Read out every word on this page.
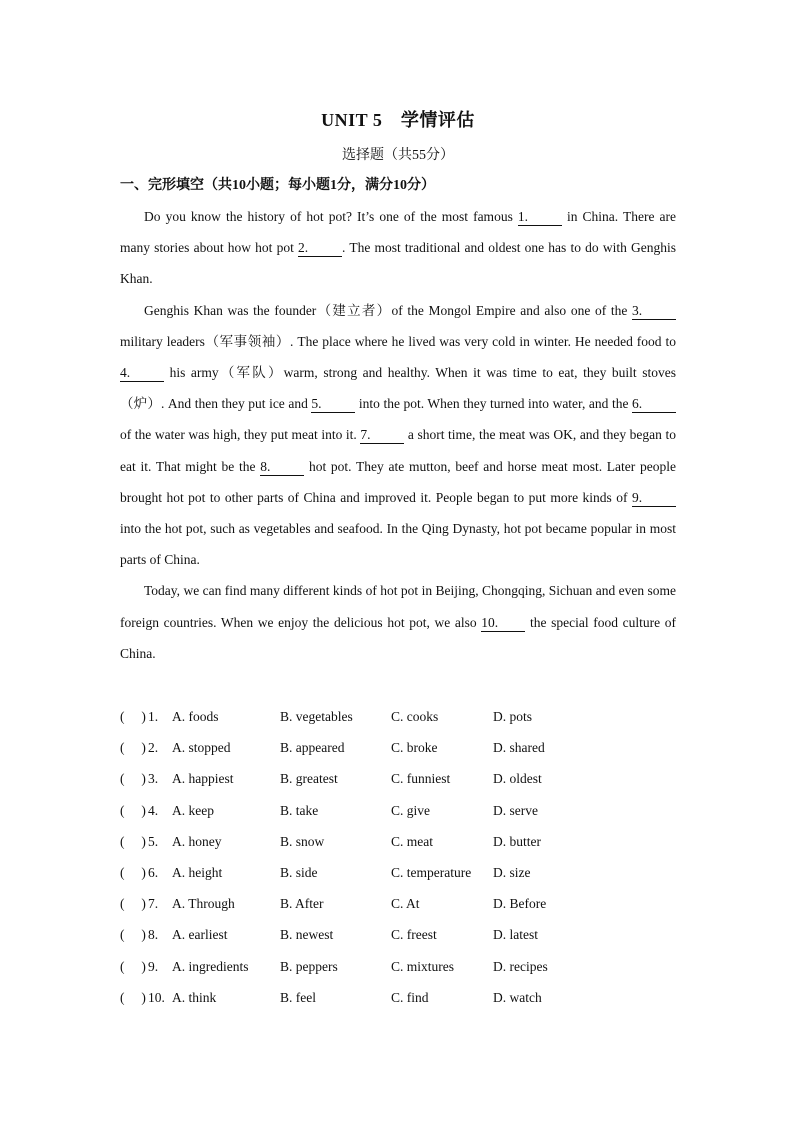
UNIT 5　学情评估
选择题（共55分）
一、完形填空（共10小题；每小题1分，满分10分）

Do you know the history of hot pot? It’s one of the most famous 1.	in China. There are many stories about how hot pot 2.	. The most traditional and oldest one has to do with Genghis Khan.

Genghis Khan was the founder（建立者）of the Mongol Empire and also one of the 3. military leaders（军事领袖）. The place where he lived was very cold in winter. He needed food to 4.	his army（军队）warm, strong and healthy. When it was time to eat, they built stoves（炉）. And then they put ice and 5.	into the pot. When they turned into water, and the 6. of the water was high, they put meat into it. 7.	a short time, the meat was OK, and they began to eat it. That might be the 8.	hot pot. They ate mutton, beef and horse meat most. Later people brought hot pot to other parts of China and improved it. People began to put more kinds of 9. into the hot pot, such as vegetables and seafood. In the Qing Dynasty, hot pot became popular in most parts of China.

Today, we can find many different kinds of hot pot in Beijing, Chongqing, Sichuan and even some foreign countries. When we enjoy the delicious hot pot, we also 10. the special food culture of China.

(　 ) 1. A. foods	B. vegetables	C. cooks	D. pots
(　 ) 2. A. stopped	B. appeared	C. broke	D. shared
(　 ) 3. A. happiest	B. greatest	C. funniest	D. oldest
(　 ) 4. A. keep	B. take	C. give	D. serve
(　 ) 5. A. honey	B. snow	C. meat	D. butter
(　 ) 6. A. height	B. side	C. temperature D. size
(　 ) 7. A. Through	B. After	C. At	D. Before
(　 ) 8. A. earliest	B. newest	C. freest	D. latest
(　 ) 9. A. ingredients B. peppers	C. mixtures	D. recipes
(　 ) 10. A. think	B. feel	C. find	D. watch
